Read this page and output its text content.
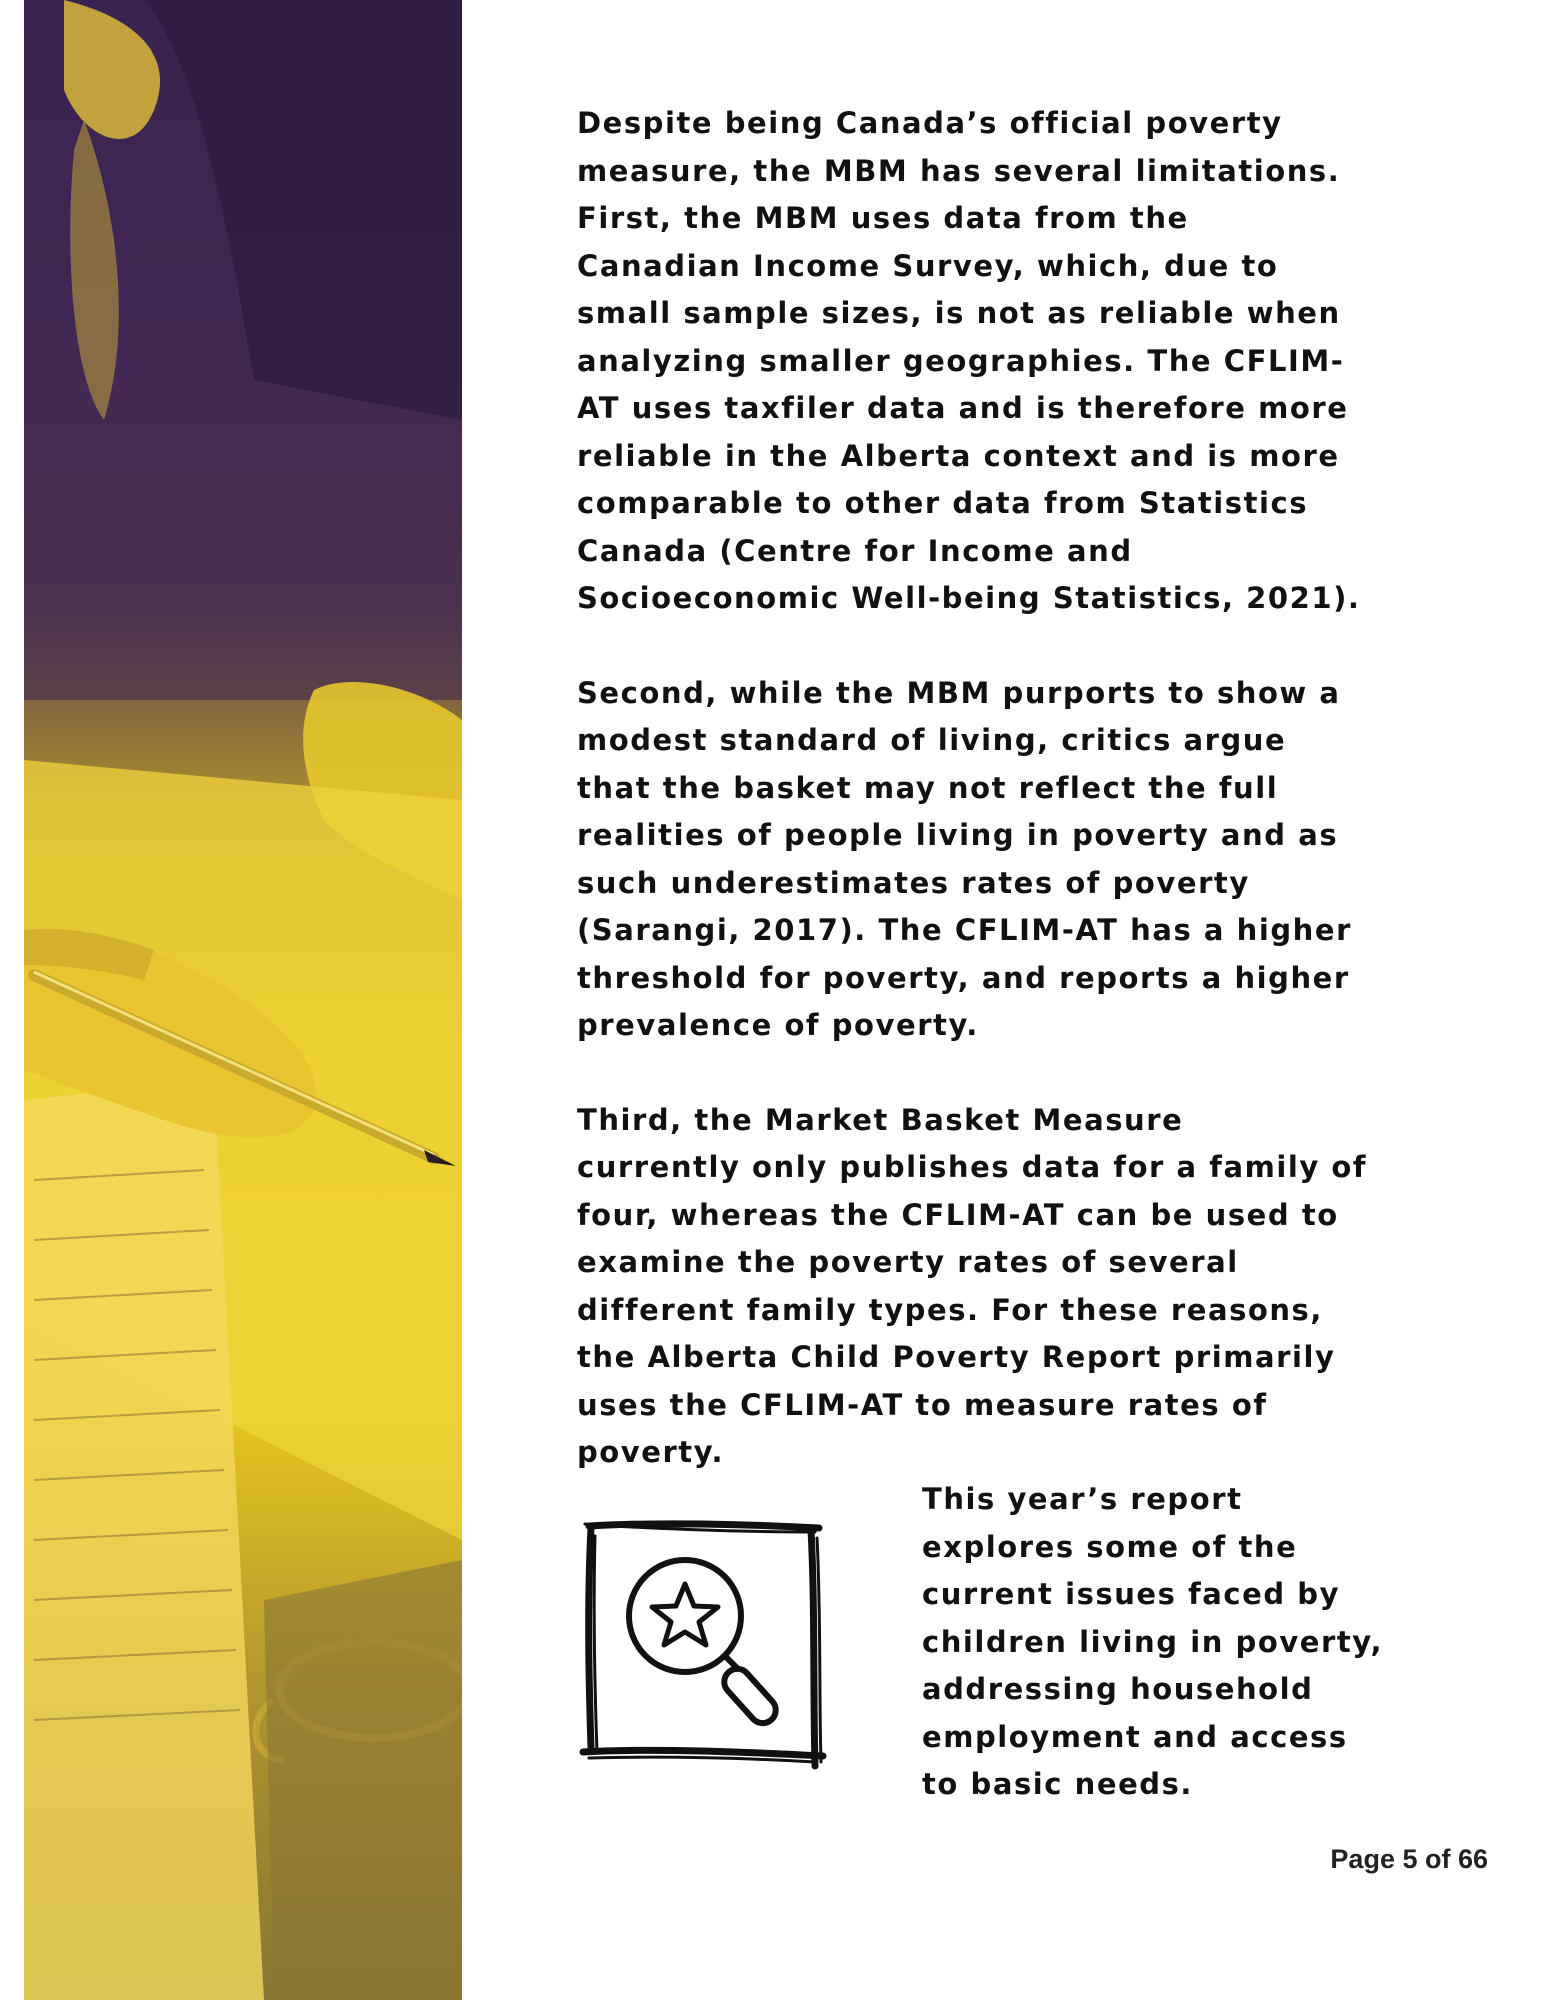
Despite being Canada’s official poverty
measure, the MBM has several limitations.
First, the MBM uses data from the
Canadian Income Survey, which, due to
small sample sizes, is not as reliable when
analyzing smaller geographies. The CFLIM-
AT uses taxfiler data and is therefore more
reliable in the Alberta context and is more
comparable to other data from Statistics
Canada (Centre for Income and
Socioeconomic Well-being Statistics, 2021).

Second, while the MBM purports to show a
modest standard of living, critics argue
that the basket may not reflect the full
realities of people living in poverty and as
such underestimates rates of poverty
(Sarangi, 2017). The CFLIM-AT has a higher
threshold for poverty, and reports a higher
prevalence of poverty.

Third, the Market Basket Measure
currently only publishes data for a family of
four, whereas the CFLIM-AT can be used to
examine the poverty rates of several
different family types. For these reasons,
the Alberta Child Poverty Report primarily
uses the CFLIM-AT to measure rates of
poverty.

This year’s report
explores some of the
current issues faced by
children living in poverty,
addressing household
employment and access
to basic needs.

Page 5 of 66
